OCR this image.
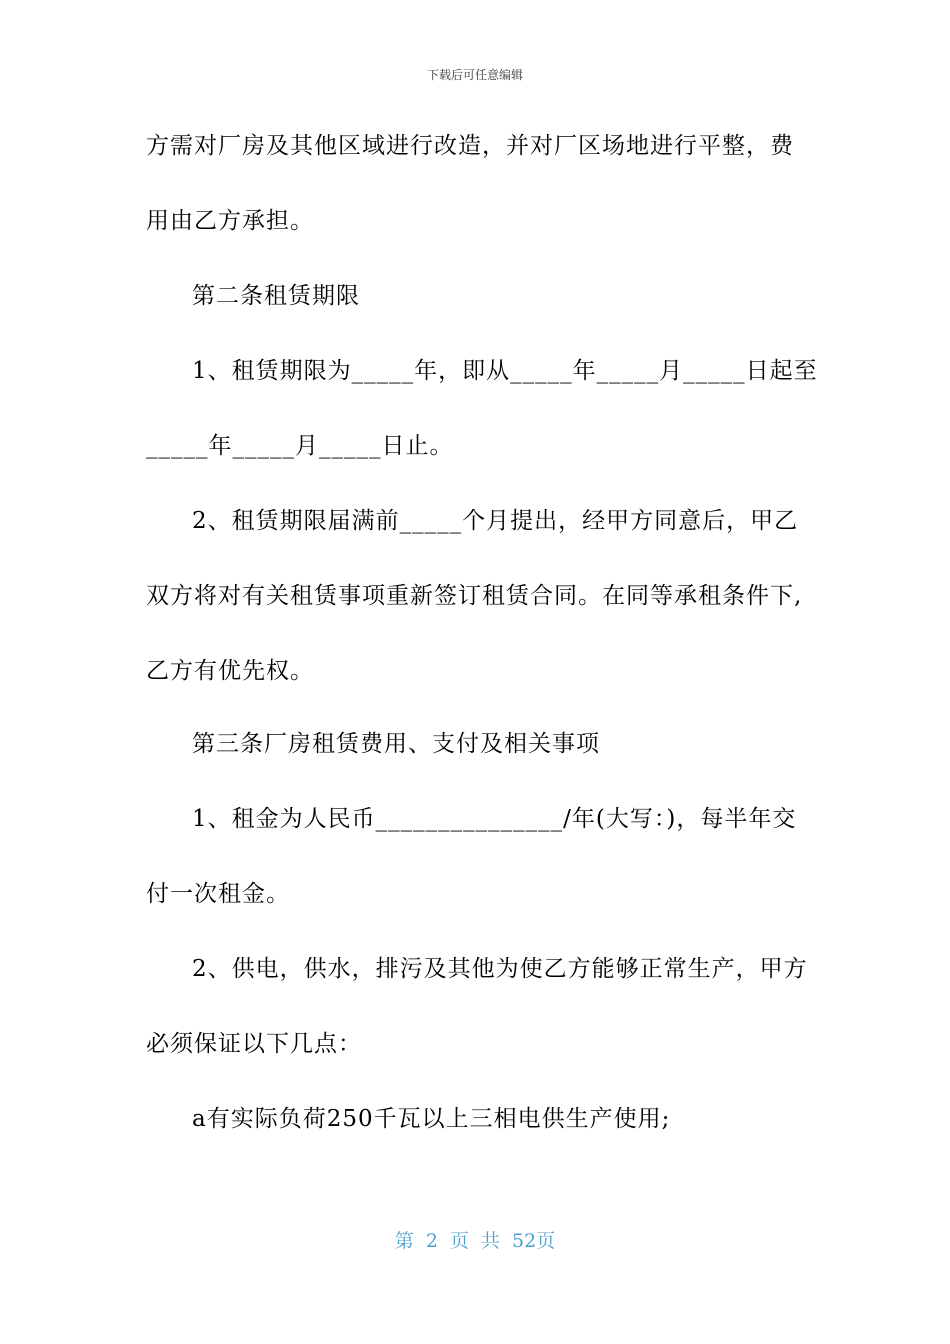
下载后可任意编辑
方需对厂房及其他区域进行改造，并对厂区场地进行平整，费
用由乙方承担。
第二条租赁期限
1、租赁期限为_____年，即从_____年_____月_____日起至
_____年_____月_____日止。
2、租赁期限届满前_____个月提出，经甲方同意后，甲乙
双方将对有关租赁事项重新签订租赁合同。在同等承租条件下,
乙方有优先权。
第三条厂房租赁费用、支付及相关事项
1、租金为人民币_______________/年(大写：)，每半年交
付一次租金。
2、供电，供水，排污及其他为使乙方能够正常生产，甲方
必须保证以下几点：
a有实际负荷250千瓦以上三相电供生产使用;
第 2 页 共 52页
